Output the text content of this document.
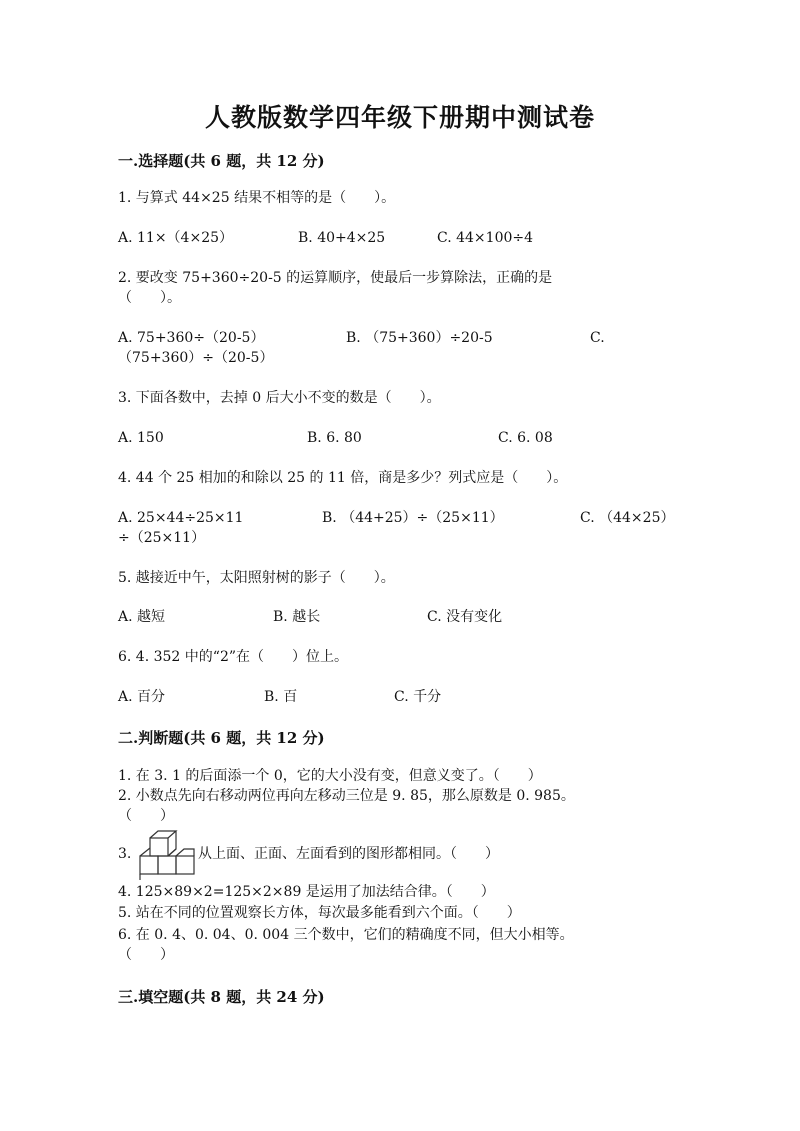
人教版数学四年级下册期中测试卷
一.选择题(共 6 题，共 12 分)
1. 与算式 44×25 结果不相等的是（　　）。
A. 11×（4×25）	B. 40+4×25	C. 44×100÷4
2. 要改变 75+360÷20-5 的运算顺序，使最后一步算除法，正确的是
（　　）。
A. 75+360÷（20-5）	B. （75+360）÷20-5	C.
（75+360）÷（20-5）
3. 下面各数中，去掉 0 后大小不变的数是（　　）。
A. 150	B. 6. 80	C. 6. 08
4. 44 个 25 相加的和除以 25 的 11 倍，商是多少？列式应是（　　）。
A. 25×44÷25×11	B. （44+25）÷（25×11）	C. （44×25）
÷（25×11）
5. 越接近中午，太阳照射树的影子（　　）。
A. 越短	B. 越长	C. 没有变化
6. 4. 352 中的“2”在（　　）位上。
A. 百分	B. 百	C. 千分
二.判断题(共 6 题，共 12 分)
1. 在 3. 1 的后面添一个 0，它的大小没有变，但意义变了。（　　）
2. 小数点先向右移动两位再向左移动三位是 9. 85，那么原数是 0. 985。
（　　）
3.	从上面、正面、左面看到的图形都相同。（　　）
4. 125×89×2=125×2×89 是运用了加法结合律。（　　）
5. 站在不同的位置观察长方体，每次最多能看到六个面。（　　）
6. 在 0. 4、0. 04、0. 004 三个数中，它们的精确度不同，但大小相等。
（　　）
三.填空题(共 8 题，共 24 分)
